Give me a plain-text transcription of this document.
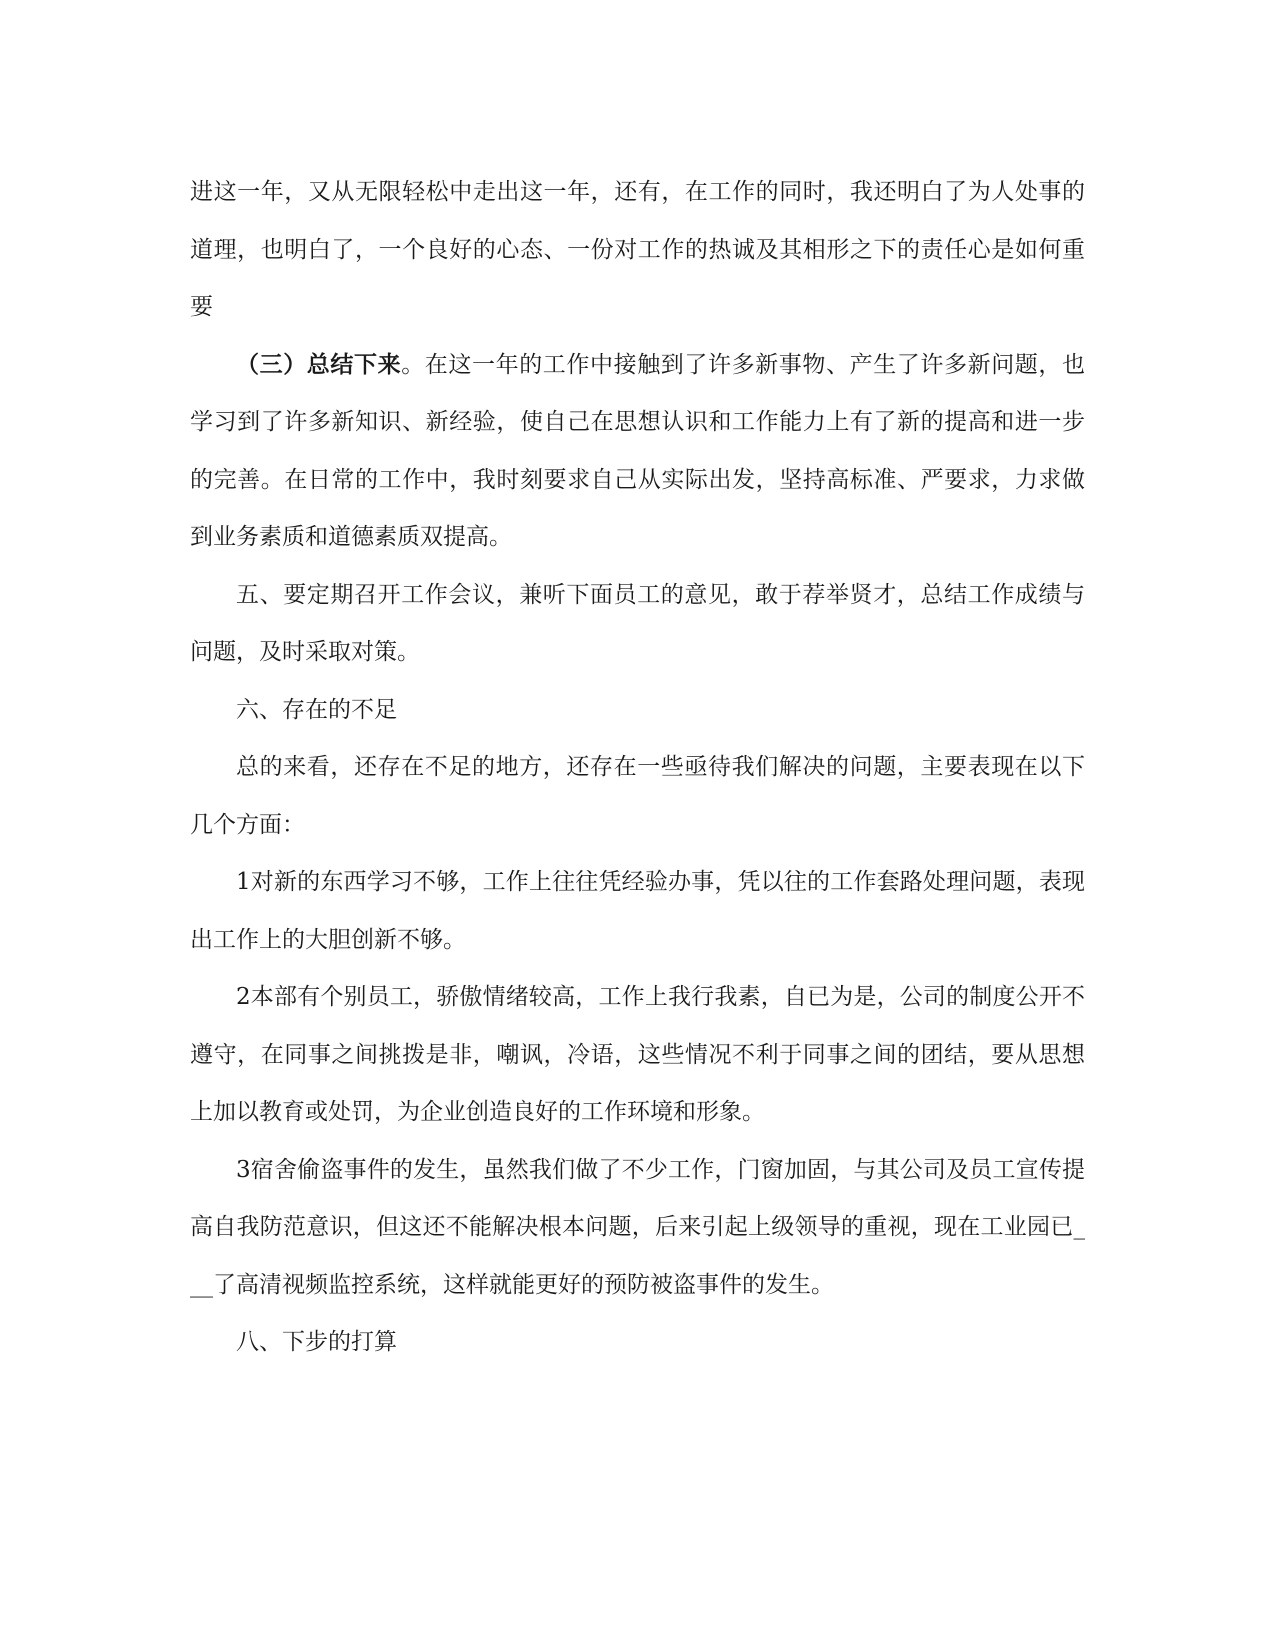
进这一年，又从无限轻松中走出这一年，还有，在工作的同时，我还明白了为人处事的道理，也明白了，一个良好的心态、一份对工作的热诚及其相形之下的责任心是如何重要

（三）总结下来。在这一年的工作中接触到了许多新事物、产生了许多新问题，也学习到了许多新知识、新经验，使自己在思想认识和工作能力上有了新的提高和进一步的完善。在日常的工作中，我时刻要求自己从实际出发，坚持高标准、严要求，力求做到业务素质和道德素质双提高。

五、要定期召开工作会议，兼听下面员工的意见，敢于荐举贤才，总结工作成绩与问题，及时采取对策。

六、存在的不足

总的来看，还存在不足的地方，还存在一些亟待我们解决的问题，主要表现在以下几个方面：

1对新的东西学习不够，工作上往往凭经验办事，凭以往的工作套路处理问题，表现出工作上的大胆创新不够。

2本部有个别员工，骄傲情绪较高，工作上我行我素，自已为是，公司的制度公开不遵守，在同事之间挑拨是非，嘲讽，冷语，这些情况不利于同事之间的团结，要从思想上加以教育或处罚，为企业创造良好的工作环境和形象。

3宿舍偷盗事件的发生，虽然我们做了不少工作，门窗加固，与其公司及员工宣传提高自我防范意识，但这还不能解决根本问题，后来引起上级领导的重视，现在工业园已___了高清视频监控系统，这样就能更好的预防被盗事件的发生。

八、下步的打算
